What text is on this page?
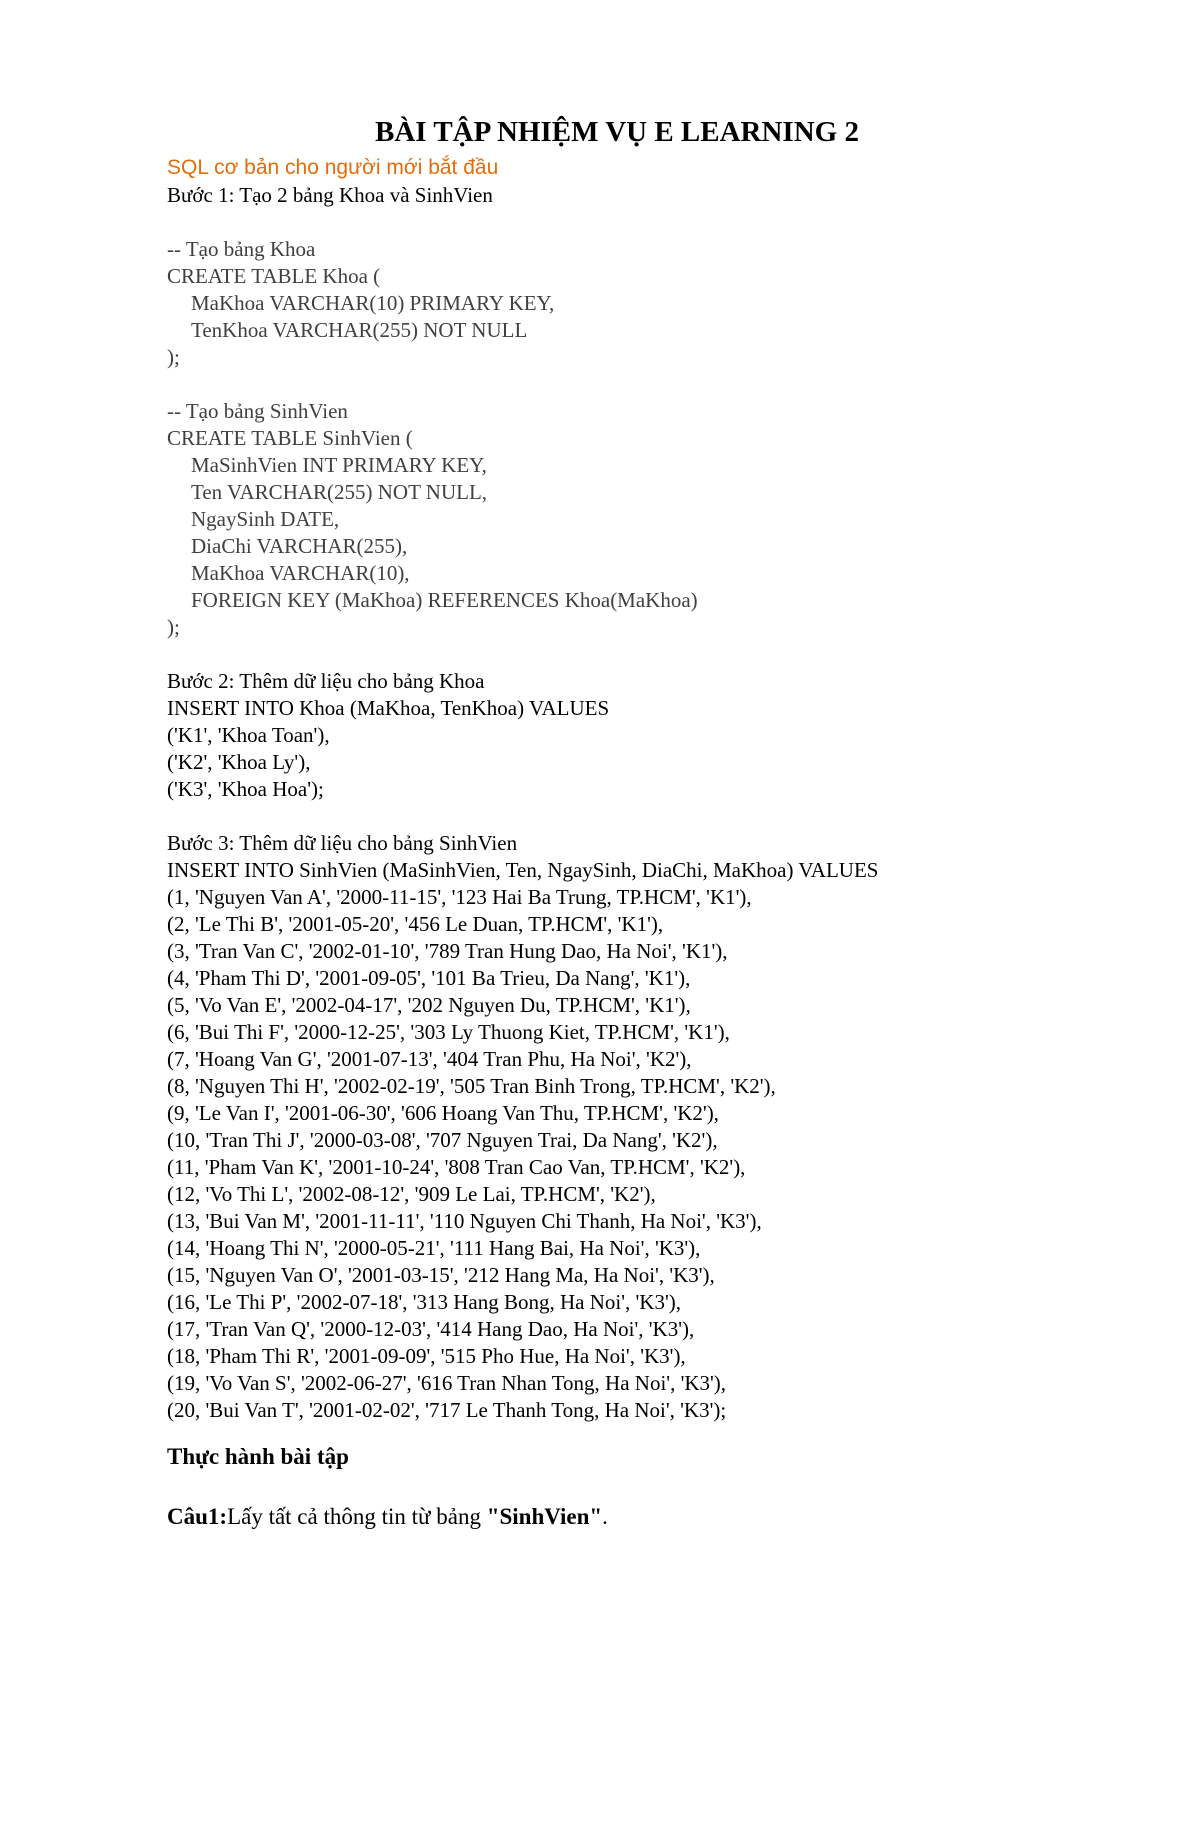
BÀI TẬP NHIỆM VỤ E LEARNING 2
SQL cơ bản cho người mới bắt đầu
Bước 1: Tạo 2 bảng Khoa và SinhVien
-- Tạo bảng Khoa
CREATE TABLE Khoa (
MaKhoa VARCHAR(10) PRIMARY KEY,
TenKhoa VARCHAR(255) NOT NULL
);
-- Tạo bảng SinhVien
CREATE TABLE SinhVien (
MaSinhVien INT PRIMARY KEY,
Ten VARCHAR(255) NOT NULL,
NgaySinh DATE,
DiaChi VARCHAR(255),
MaKhoa VARCHAR(10),
FOREIGN KEY (MaKhoa) REFERENCES Khoa(MaKhoa)
);
Bước 2: Thêm dữ liệu cho bảng Khoa
INSERT INTO Khoa (MaKhoa, TenKhoa) VALUES
('K1', 'Khoa Toan'),
('K2', 'Khoa Ly'),
('K3', 'Khoa Hoa');
Bước 3: Thêm dữ liệu cho bảng SinhVien
INSERT INTO SinhVien (MaSinhVien, Ten, NgaySinh, DiaChi, MaKhoa) VALUES
(1, 'Nguyen Van A', '2000-11-15', '123 Hai Ba Trung, TP.HCM', 'K1'),
(2, 'Le Thi B', '2001-05-20', '456 Le Duan, TP.HCM', 'K1'),
(3, 'Tran Van C', '2002-01-10', '789 Tran Hung Dao, Ha Noi', 'K1'),
(4, 'Pham Thi D', '2001-09-05', '101 Ba Trieu, Da Nang', 'K1'),
(5, 'Vo Van E', '2002-04-17', '202 Nguyen Du, TP.HCM', 'K1'),
(6, 'Bui Thi F', '2000-12-25', '303 Ly Thuong Kiet, TP.HCM', 'K1'),
(7, 'Hoang Van G', '2001-07-13', '404 Tran Phu, Ha Noi', 'K2'),
(8, 'Nguyen Thi H', '2002-02-19', '505 Tran Binh Trong, TP.HCM', 'K2'),
(9, 'Le Van I', '2001-06-30', '606 Hoang Van Thu, TP.HCM', 'K2'),
(10, 'Tran Thi J', '2000-03-08', '707 Nguyen Trai, Da Nang', 'K2'),
(11, 'Pham Van K', '2001-10-24', '808 Tran Cao Van, TP.HCM', 'K2'),
(12, 'Vo Thi L', '2002-08-12', '909 Le Lai, TP.HCM', 'K2'),
(13, 'Bui Van M', '2001-11-11', '110 Nguyen Chi Thanh, Ha Noi', 'K3'),
(14, 'Hoang Thi N', '2000-05-21', '111 Hang Bai, Ha Noi', 'K3'),
(15, 'Nguyen Van O', '2001-03-15', '212 Hang Ma, Ha Noi', 'K3'),
(16, 'Le Thi P', '2002-07-18', '313 Hang Bong, Ha Noi', 'K3'),
(17, 'Tran Van Q', '2000-12-03', '414 Hang Dao, Ha Noi', 'K3'),
(18, 'Pham Thi R', '2001-09-09', '515 Pho Hue, Ha Noi', 'K3'),
(19, 'Vo Van S', '2002-06-27', '616 Tran Nhan Tong, Ha Noi', 'K3'),
(20, 'Bui Van T', '2001-02-02', '717 Le Thanh Tong, Ha Noi', 'K3');
Thực hành bài tập
Câu1:Lấy tất cả thông tin từ bảng "SinhVien".
